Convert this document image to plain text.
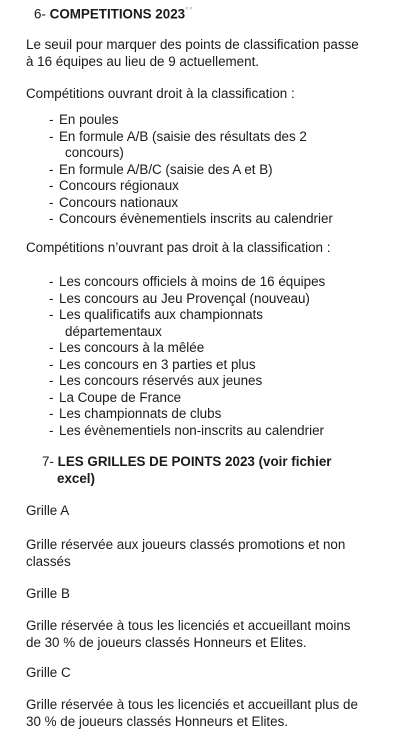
6- COMPETITIONS 2023°°
Le seuil pour marquer des points de classification passe
à 16 équipes au lieu de 9 actuellement.
Compétitions ouvrant droit à la classification :
- En poules
- En formule A/B (saisie des résultats des 2
concours)
- En formule A/B/C (saisie des A et B)
- Concours régionaux
- Concours nationaux
- Concours évènementiels inscrits au calendrier
Compétitions n’ouvrant pas droit à la classification :
- Les concours officiels à moins de 16 équipes
- Les concours au Jeu Provençal (nouveau)
- Les qualificatifs aux championnats
départementaux
- Les concours à la mêlée
- Les concours en 3 parties et plus
- Les concours réservés aux jeunes
- La Coupe de France
- Les championnats de clubs
- Les évènementiels non-inscrits au calendrier
7- LES GRILLES DE POINTS 2023 (voir fichier
excel)
Grille A
Grille réservée aux joueurs classés promotions et non
classés
Grille B
Grille réservée à tous les licenciés et accueillant moins
de 30 % de joueurs classés Honneurs et Elites.
Grille C
Grille réservée à tous les licenciés et accueillant plus de
30 % de joueurs classés Honneurs et Elites.
